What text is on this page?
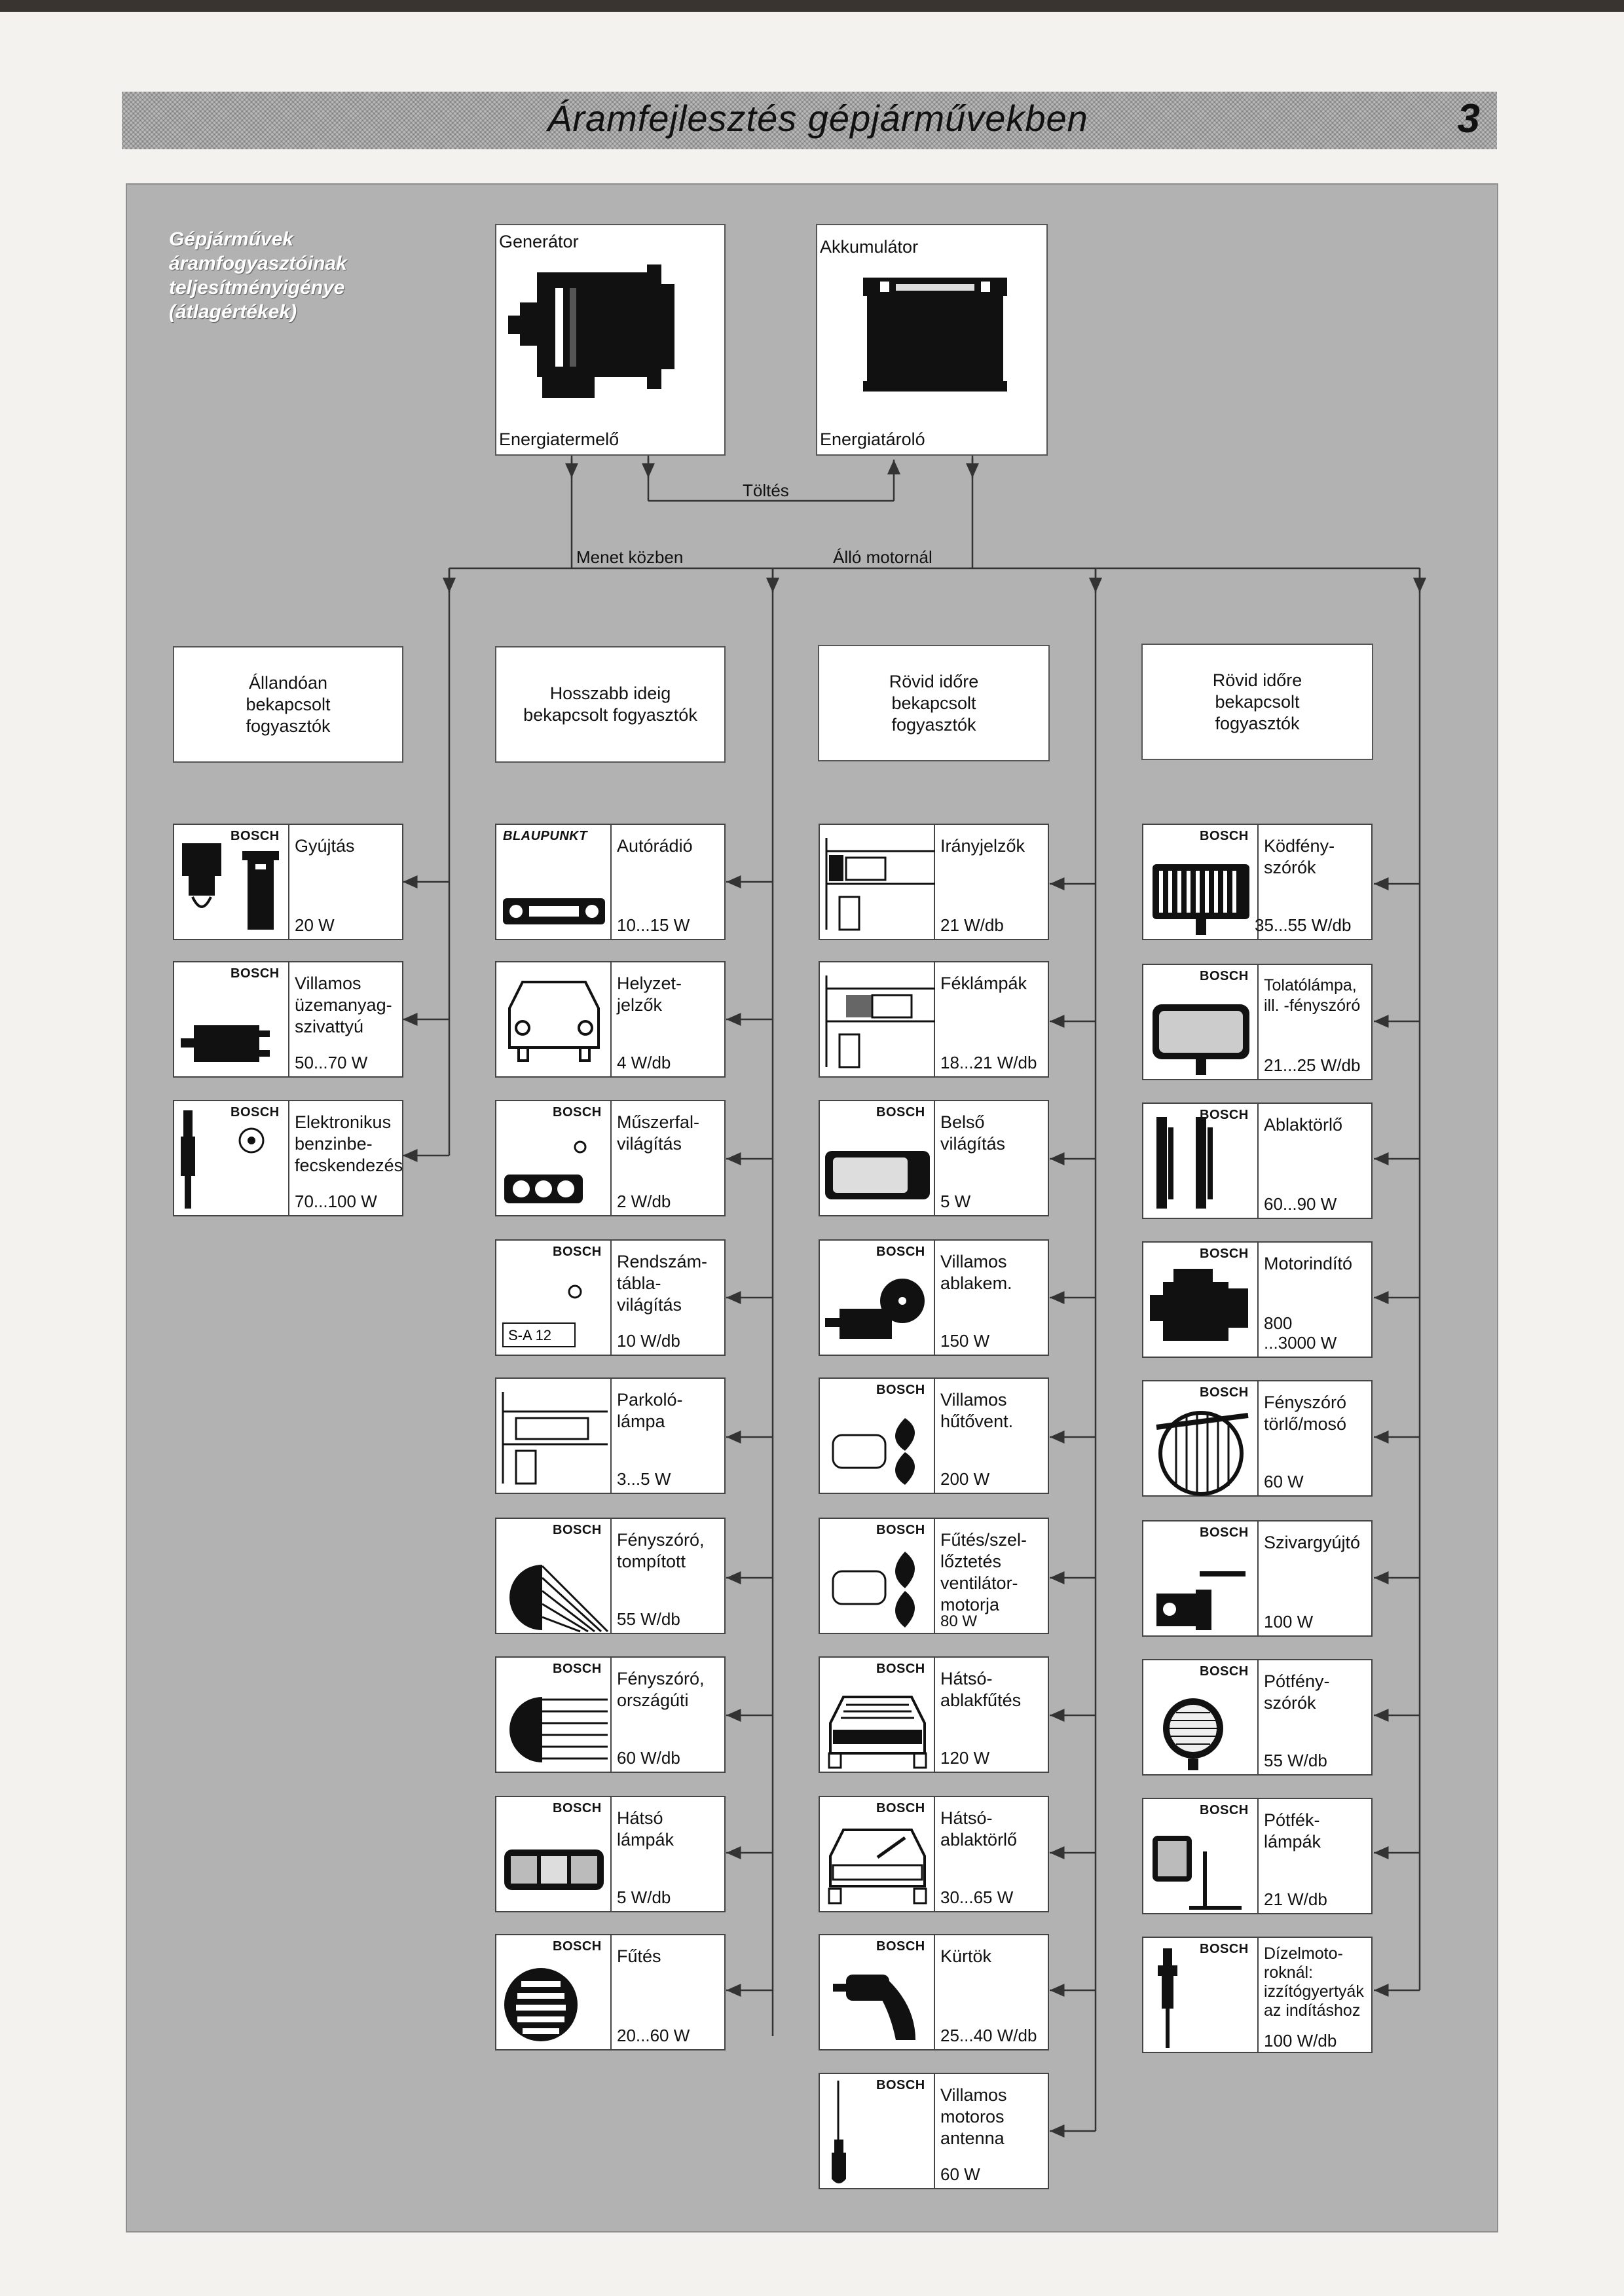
Áramfejlesztés gépjárművekben	3
Gépjárművek áramfogyasztóinak teljesítményigénye (átlagértékek)
Generátor
Energiatermelő
Akkumulátor
Energiatároló
Töltés
Menet közben	Álló motornál
Állandóan bekapcsolt fogyasztók
Hosszabb ideig bekapcsolt fogyasztók
Rövid időre bekapcsolt fogyasztók
Rövid időre bekapcsolt fogyasztók
BOSCH Gyújtás
20 W
BOSCH Villamos üzemanyag-szivattyú
50...70 W
BOSCH Elektronikus benzinbe-fecskendezés
70...100 W
BLAUPUNKT Autórádió
10...15 W
Helyzet-jelzők
4 W/db
BOSCH Műszerfal-világítás
2 W/db
S-A 12
BOSCH Rendszám-tábla-világítás
10 W/db
Parkoló-lámpa
3...5 W
BOSCH Fényszóró, tompított
55 W/db
BOSCH Fényszóró, országúti
60 W/db
BOSCH Hátsó lámpák
5 W/db
BOSCH Fűtés
20...60 W
Irányjelzők
21 W/db
Féklámpák
18...21 W/db
BOSCH Belső világítás
5 W
BOSCH Villamos ablakem.
150 W
BOSCH Villamos hűtővent.
200 W
BOSCH Fűtés/szel-lőztetés ventilátor-motorja
80 W
BOSCH Hátsó-ablakfűtés
120 W
BOSCH Hátsó-ablaktörlő
30...65 W
BOSCH Kürtök
25...40 W/db
BOSCH Villamos motoros antenna
60 W
BOSCH Ködfény-szórók
35...55 W/db
BOSCH Tolatólámpa, ill. -fényszóró
21...25 W/db
BOSCH Ablaktörlő
60...90 W
BOSCH Motorindító
800
...3000 W
BOSCH Fényszóró törlő/mosó
60 W
BOSCH Szivargyújtó
100 W
BOSCH Pótfény-szórók
55 W/db
BOSCH Pótfék-lámpák
21 W/db
BOSCH Dízelmoto-roknál: izzítógyertyák az indításhoz
100 W/db
